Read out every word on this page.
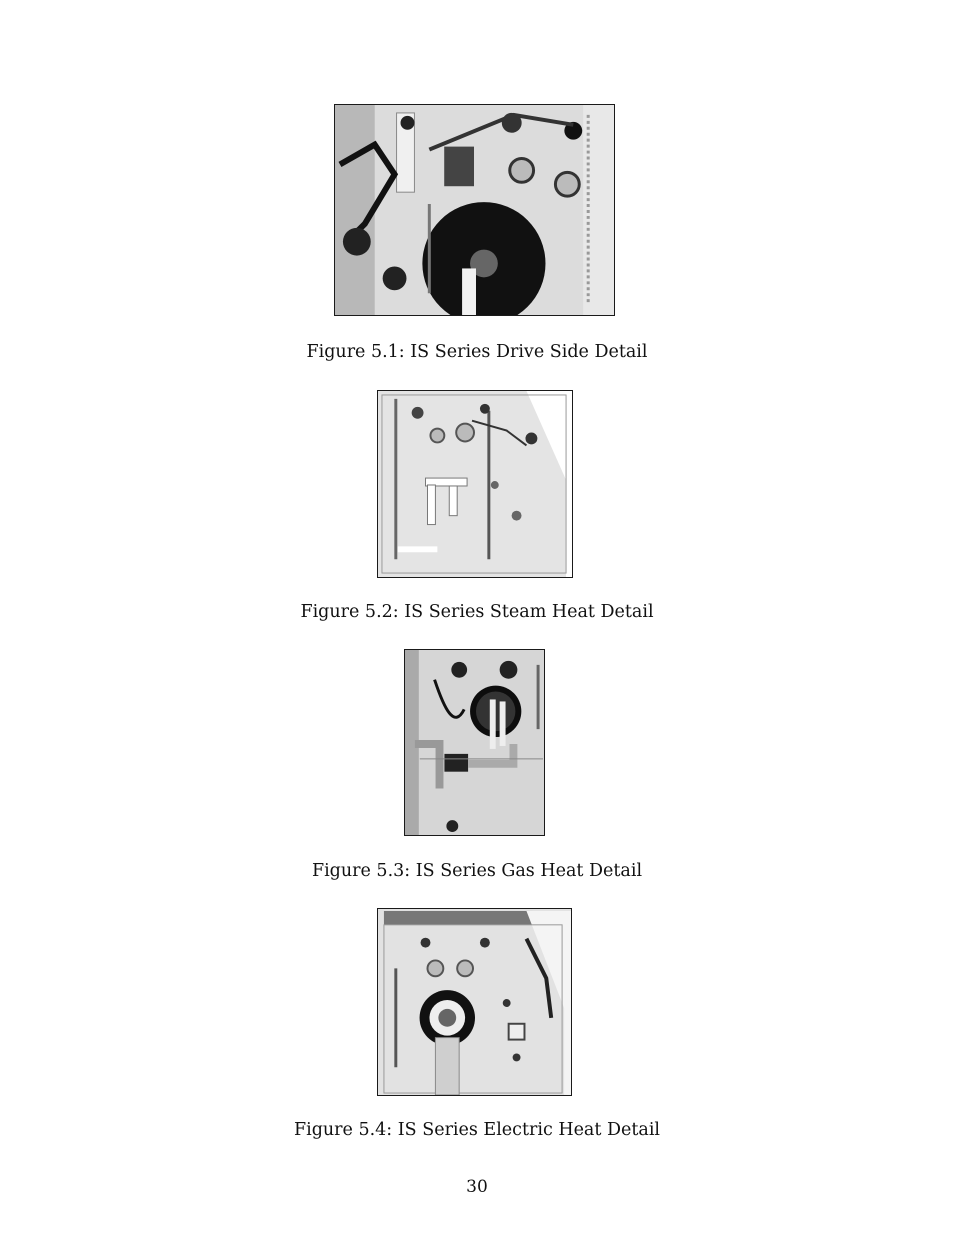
Figure 5.1: IS Series Drive Side Detail
Figure 5.2: IS Series Steam Heat Detail
Figure 5.3: IS Series Gas Heat Detail
Figure 5.4: IS Series Electric Heat Detail
30
